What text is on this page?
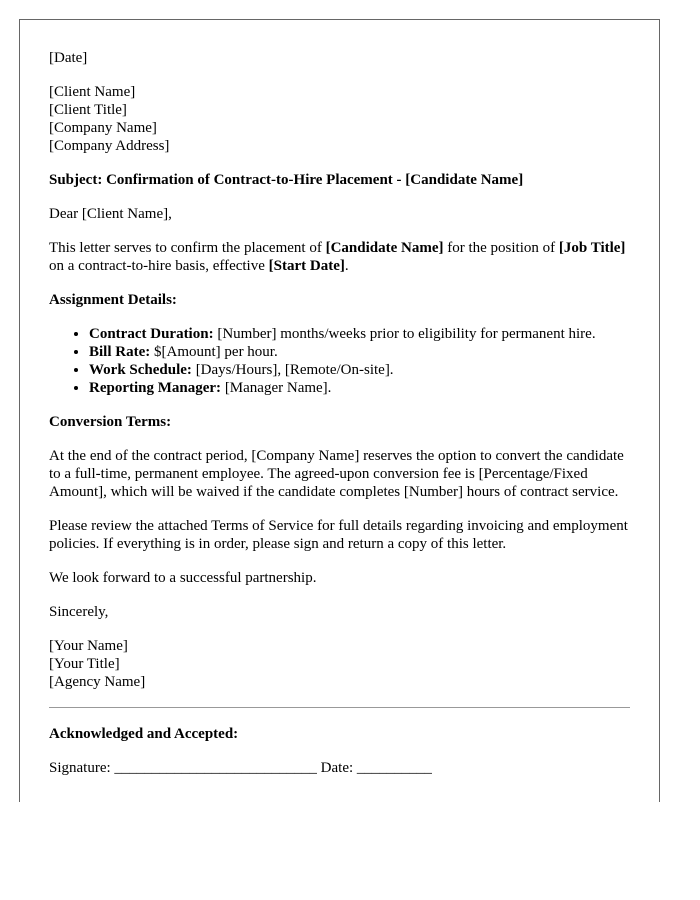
[Date]

[Client Name]

[Client Title]

[Company Name]

[Company Address]

Subject: Confirmation of Contract-to-Hire Placement - [Candidate Name]

Dear [Client Name],

This letter serves to confirm the placement of [Candidate Name] for the position of [Job Title] on a contract-to-hire basis, effective [Start Date].

Assignment Details:

• Contract Duration: [Number] months/weeks prior to eligibility for permanent hire.
• Bill Rate: $[Amount] per hour.
• Work Schedule: [Days/Hours], [Remote/On-site].
• Reporting Manager: [Manager Name].

Conversion Terms:

At the end of the contract period, [Company Name] reserves the option to convert the candidate to a full-time, permanent employee. The agreed-upon conversion fee is [Percentage/Fixed Amount], which will be waived if the candidate completes [Number] hours of contract service.

Please review the attached Terms of Service for full details regarding invoicing and employment policies. If everything is in order, please sign and return a copy of this letter.

We look forward to a successful partnership.

Sincerely,

[Your Name]

[Your Title]

[Agency Name]

Acknowledged and Accepted:

Signature: ___________________________ Date: __________
